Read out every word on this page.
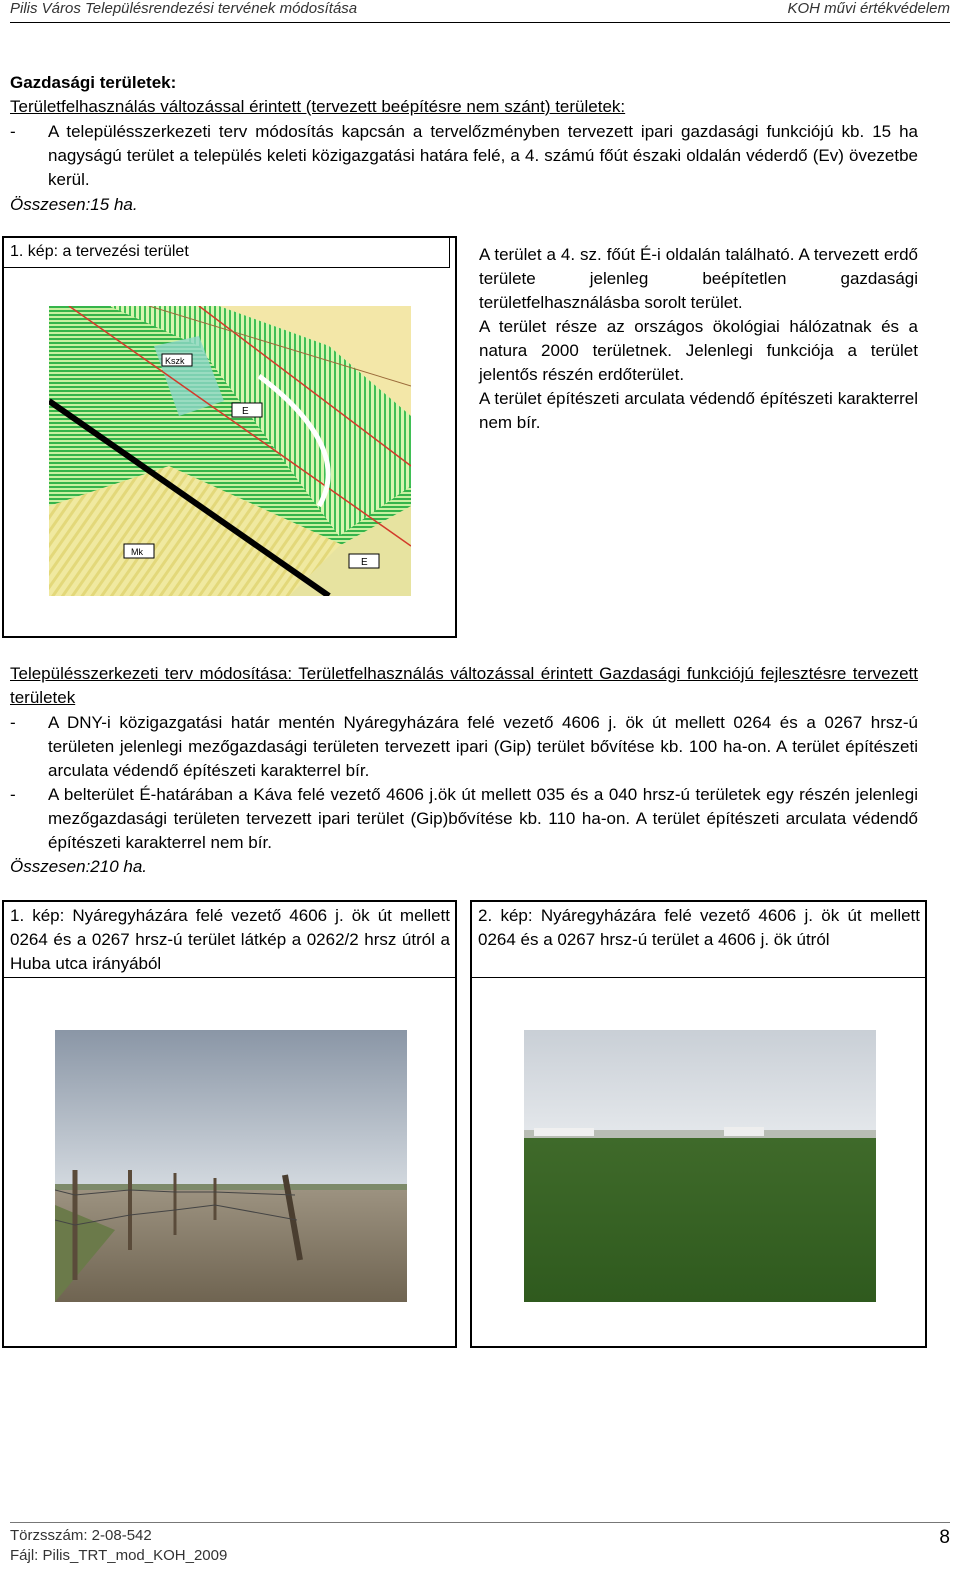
Pilis Város Településrendezési tervének módosítása	KOH művi értékvédelem
Gazdasági területek:
Területfelhasználás változással érintett (tervezett beépítésre nem szánt) területek:
- A településszerkezeti terv módosítás kapcsán a tervelőzményben tervezett ipari gazdasági funkciójú kb. 15 ha nagyságú terület a település keleti közigazgatási határa felé, a 4. számú főút északi oldalán véderdő (Ev) övezetbe kerül.
Összesen:15 ha.
1. kép: a tervezési terület
Kszk
E
Mk
E
A terület a 4. sz. főút É-i oldalán található. A tervezett erdő területe jelenleg beépítetlen gazdasági területfelhasználásba sorolt terület.
A terület része az országos ökológiai hálózatnak és a natura 2000 területnek. Jelenlegi funkciója a terület jelentős részén erdőterület.
A terület építészeti arculata védendő építészeti karakterrel nem bír.
Településszerkezeti terv módosítása: Területfelhasználás változással érintett Gazdasági funkciójú fejlesztésre tervezett területek
- A DNY-i közigazgatási határ mentén Nyáregyházára felé vezető 4606 j. ök út mellett 0264 és a 0267 hrsz-ú területen jelenlegi mezőgazdasági területen tervezett ipari (Gip) terület bővítése kb. 100 ha-on. A terület építészeti arculata védendő építészeti karakterrel bír.
- A belterület É-határában a Káva felé vezető 4606 j.ök út mellett 035 és a 040 hrsz-ú területek egy részén jelenlegi mezőgazdasági területen tervezett ipari terület (Gip)bővítése kb. 110 ha-on. A terület építészeti arculata védendő építészeti karakterrel nem bír.
Összesen:210 ha.
1. kép: Nyáregyházára felé vezető 4606 j. ök út mellett 0264 és a 0267 hrsz-ú terület látkép a 0262/2 hrsz útról a Huba utca irányából
2. kép: Nyáregyházára felé vezető 4606 j. ök út mellett 0264 és a 0267 hrsz-ú terület a 4606 j. ök útról
Törzsszám: 2-08-542
Fájl: Pilis_TRT_mod_KOH_2009
8
